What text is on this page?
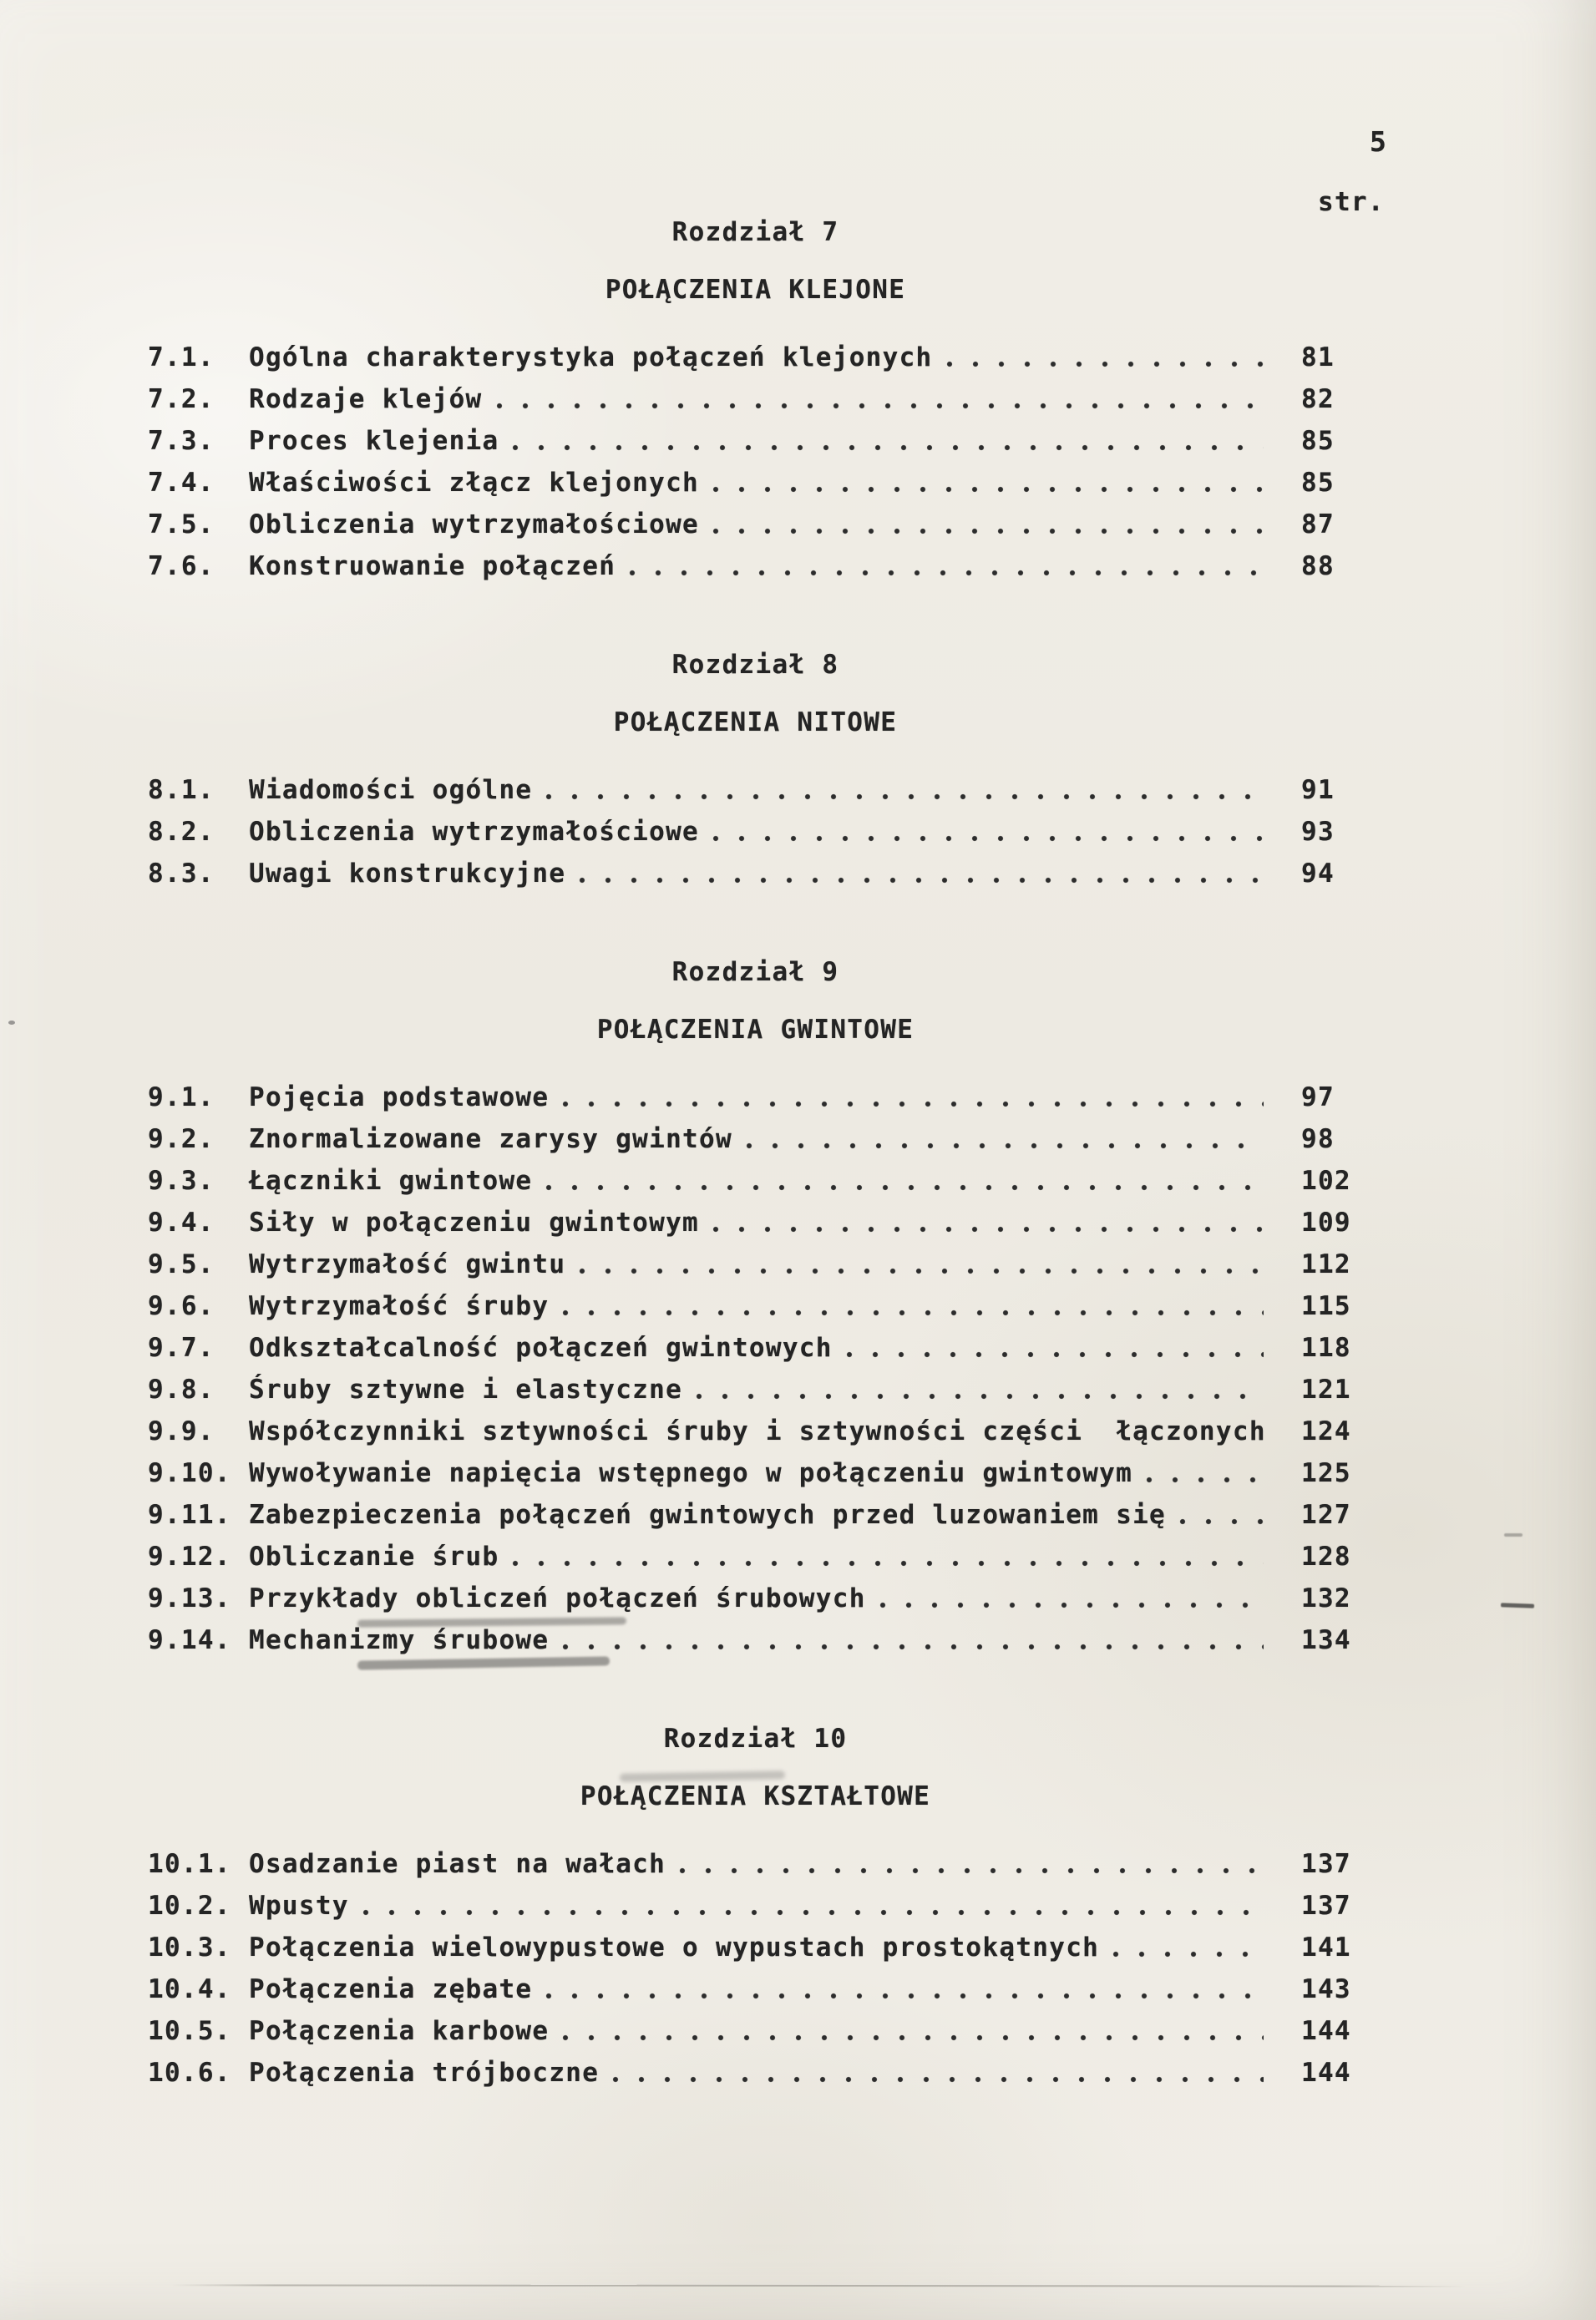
5
str.
Rozdział 7
POŁĄCZENIA KLEJONE
7.1.	Ogólna charakterystyka połączeń klejonych	81
7.2.	Rodzaje klejów	82
7.3.	Proces klejenia	85
7.4.	Właściwości złącz klejonych	85
7.5.	Obliczenia wytrzymałościowe	87
7.6.	Konstruowanie połączeń	88
Rozdział 8
POŁĄCZENIA NITOWE
8.1.	Wiadomości ogólne	91
8.2.	Obliczenia wytrzymałościowe	93
8.3.	Uwagi konstrukcyjne	94
Rozdział 9
POŁĄCZENIA GWINTOWE
9.1.	Pojęcia podstawowe	97
9.2.	Znormalizowane zarysy gwintów	98
9.3.	Łączniki gwintowe	102
9.4.	Siły w połączeniu gwintowym	109
9.5.	Wytrzymałość gwintu	112
9.6.	Wytrzymałość śruby	115
9.7.	Odkształcalność połączeń gwintowych	118
9.8.	Śruby sztywne i elastyczne	121
9.9.	Współczynniki sztywności śruby i sztywności części  łączonych 124
9.10. Wywoływanie napięcia wstępnego w połączeniu gwintowym	125
9.11. Zabezpieczenia połączeń gwintowych przed luzowaniem się	127
9.12. Obliczanie śrub	128
9.13. Przykłady obliczeń połączeń śrubowych	132
9.14. Mechanizmy śrubowe	134
Rozdział 10
POŁĄCZENIA KSZTAŁTOWE
10.1. Osadzanie piast na wałach	137
10.2. Wpusty	137
10.3. Połączenia wielowypustowe o wypustach prostokątnych	141
10.4. Połączenia zębate	143
10.5. Połączenia karbowe	144
10.6. Połączenia trójboczne	144
